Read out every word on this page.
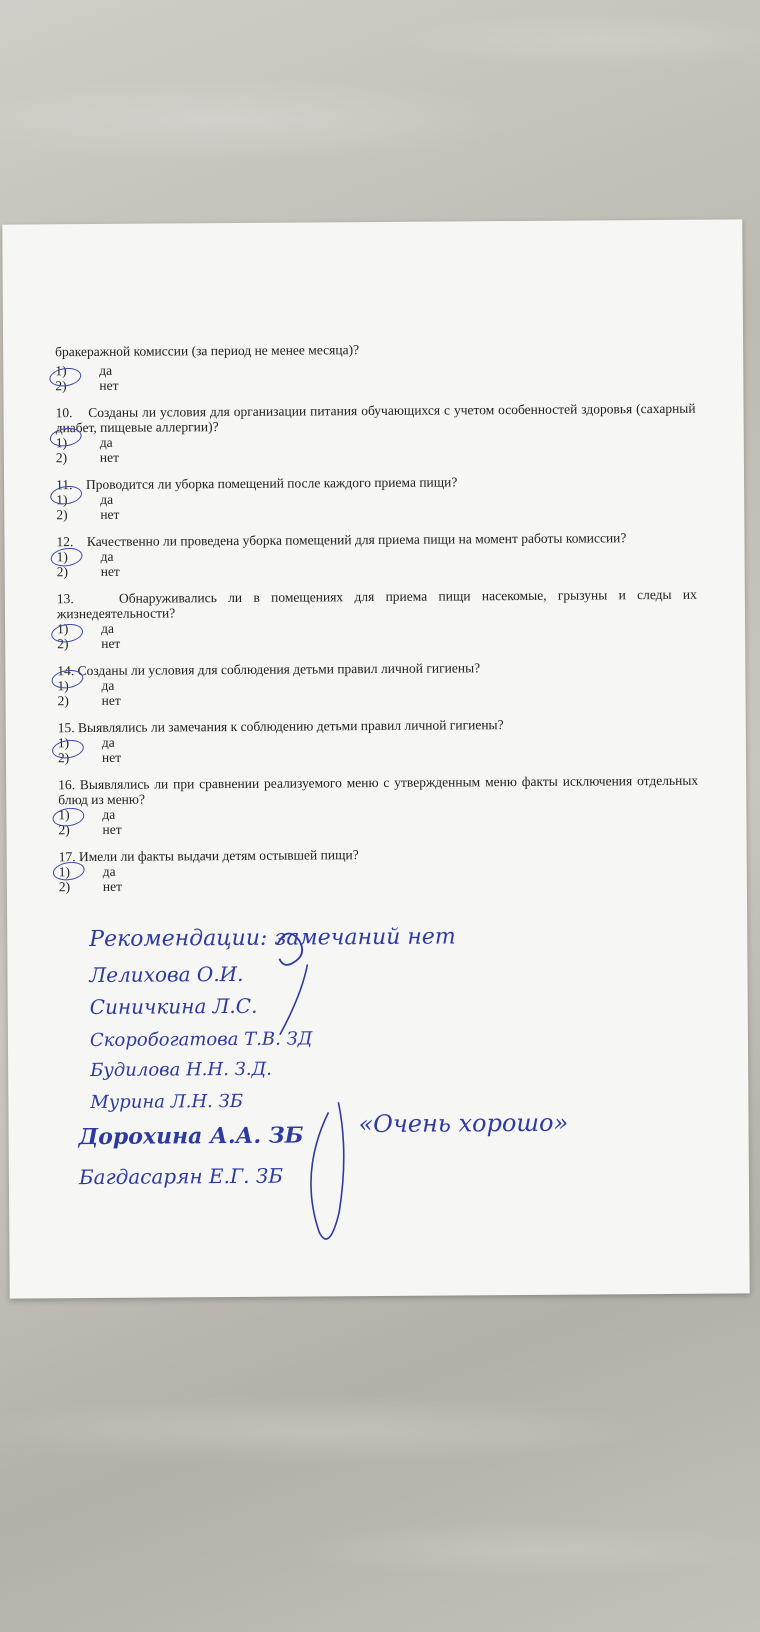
бракеражной комиссии (за период не менее месяца)?
1)	да
2)	нет
10.    Созданы ли условия для организации питания обучающихся с учетом особенностей здоровья (сахарный диабет, пищевые аллергии)?
1)	да
2)	нет
11.    Проводится ли уборка помещений после каждого приема пищи?
1)	да
2)	нет
12.    Качественно ли проведена уборка помещений для приема пищи на момент работы комиссии?
1)	да
2)	нет
13.    Обнаруживались ли в помещениях для приема пищи насекомые, грызуны и следы их жизнедеятельности?
1)	да
2)	нет
14. Созданы ли условия для соблюдения детьми правил личной гигиены?
1)	да
2)	нет
15. Выявлялись ли замечания к соблюдению детьми правил личной гигиены?
1)	да
2)	нет
16. Выявлялись ли при сравнении реализуемого меню с утвержденным меню факты исключения отдельных блюд из меню?
1)	да
2)	нет
17. Имели ли факты выдачи детям остывшей пищи?
1)	да
2)	нет
Рекомендации: замечаний нет
Лелихова О.И.
Синичкина Л.С.
Скоробогатова Т.В. ЗД
Будилова Н.Н. З.Д.
Мурина Л.Н. ЗБ
Дорохина А.А. ЗБ
Багдасарян Е.Г. ЗБ
«Очень хорошо»
